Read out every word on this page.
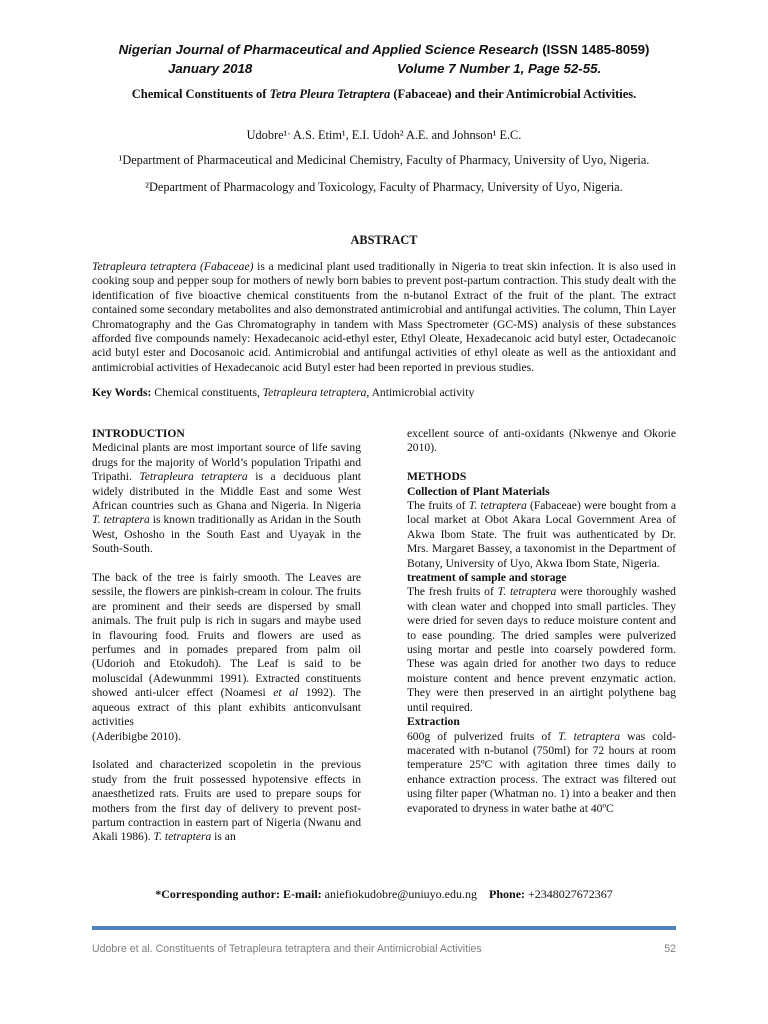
Nigerian Journal of Pharmaceutical and Applied Science Research (ISSN 1485-8059)
January 2018	Volume 7 Number 1, Page 52-55.
Chemical Constituents of Tetra Pleura Tetraptera (Fabaceae) and their Antimicrobial Activities.
Udobre¹ˑ A.S. Etim¹, E.I. Udoh² A.E. and Johnson¹ E.C.
¹Department of Pharmaceutical and Medicinal Chemistry, Faculty of Pharmacy, University of Uyo, Nigeria.
²Department of Pharmacology and Toxicology, Faculty of Pharmacy, University of Uyo, Nigeria.
ABSTRACT
Tetrapleura tetraptera (Fabaceae) is a medicinal plant used traditionally in Nigeria to treat skin infection. It is also used in cooking soup and pepper soup for mothers of newly born babies to prevent post-partum contraction. This study dealt with the identification of five bioactive chemical constituents from the n-butanol Extract of the fruit of the plant. The extract contained some secondary metabolites and also demonstrated antimicrobial and antifungal activities. The column, Thin Layer Chromatography and the Gas Chromatography in tandem with Mass Spectrometer (GC-MS) analysis of these substances afforded five compounds namely: Hexadecanoic acid-ethyl ester, Ethyl Oleate, Hexadecanoic acid butyl ester, Octadecanoic acid butyl ester and Docosanoic acid. Antimicrobial and antifungal activities of ethyl oleate as well as the antioxidant and antimicrobial activities of Hexadecanoic acid Butyl ester had been reported in previous studies.
Key Words: Chemical constituents, Tetrapleura tetraptera, Antimicrobial activity

INTRODUCTION

Medicinal plants are most important source of life saving drugs for the majority of World’s population Tripathi and Tripathi. Tetrapleura tetraptera is a deciduous plant widely distributed in the Middle East and some West African countries such as Ghana and Nigeria. In Nigeria T. tetraptera is known traditionally as Aridan in the South West, Oshosho in the South East and Uyayak in the South-South.

The back of the tree is fairly smooth. The Leaves are sessile, the flowers are pinkish-cream in colour. The fruits are prominent and their seeds are dispersed by small animals. The fruit pulp is rich in sugars and maybe used in flavouring food. Fruits and flowers are used as perfumes and in pomades prepared from palm oil (Udorioh and Etokudoh). The Leaf is said to be moluscidal (Adewunmmi 1991). Extracted constituents showed anti-ulcer effect (Noamesi et al 1992). The aqueous extract of this plant exhibits anticonvulsant activities

(Aderibigbe 2010).

Isolated and characterized scopoletin in the previous study from the fruit possessed hypotensive effects in anaesthetized rats. Fruits are used to prepare soups for mothers from the first day of delivery to prevent post-partum contraction in eastern part of Nigeria (Nwanu and Akali 1986). T. tetraptera is an

excellent source of anti-oxidants (Nkwenye and Okorie 2010).

METHODS

Collection of Plant Materials

The fruits of T. tetraptera (Fabaceae) were bought from a local market at Obot Akara Local Government Area of Akwa Ibom State. The fruit was authenticated by Dr. Mrs. Margaret Bassey, a taxonomist in the Department of Botany, University of Uyo, Akwa Ibom State, Nigeria.

treatment of sample and storage

The fresh fruits of T. tetraptera were thoroughly washed with clean water and chopped into small particles. They were dried for seven days to reduce moisture content and to ease pounding. The dried samples were pulverized using mortar and pestle into coarsely powdered form. These was again dried for another two days to reduce moisture content and hence prevent enzymatic action. They were then preserved in an airtight polythene bag until required.

Extraction

600g of pulverized fruits of T. tetraptera was cold-macerated with n-butanol (750ml) for 72 hours at room temperature 25ºC with agitation three times daily to enhance extraction process. The extract was filtered out using filter paper (Whatman no. 1) into a beaker and then evaporated to dryness in water bathe at 40ºC

*Corresponding author: E-mail: aniefiokudobre@uniuyo.edu.ng Phone: +2348027672367
Udobre et al. Constituents of Tetrapleura tetraptera and their Antimicrobial Activities	52
